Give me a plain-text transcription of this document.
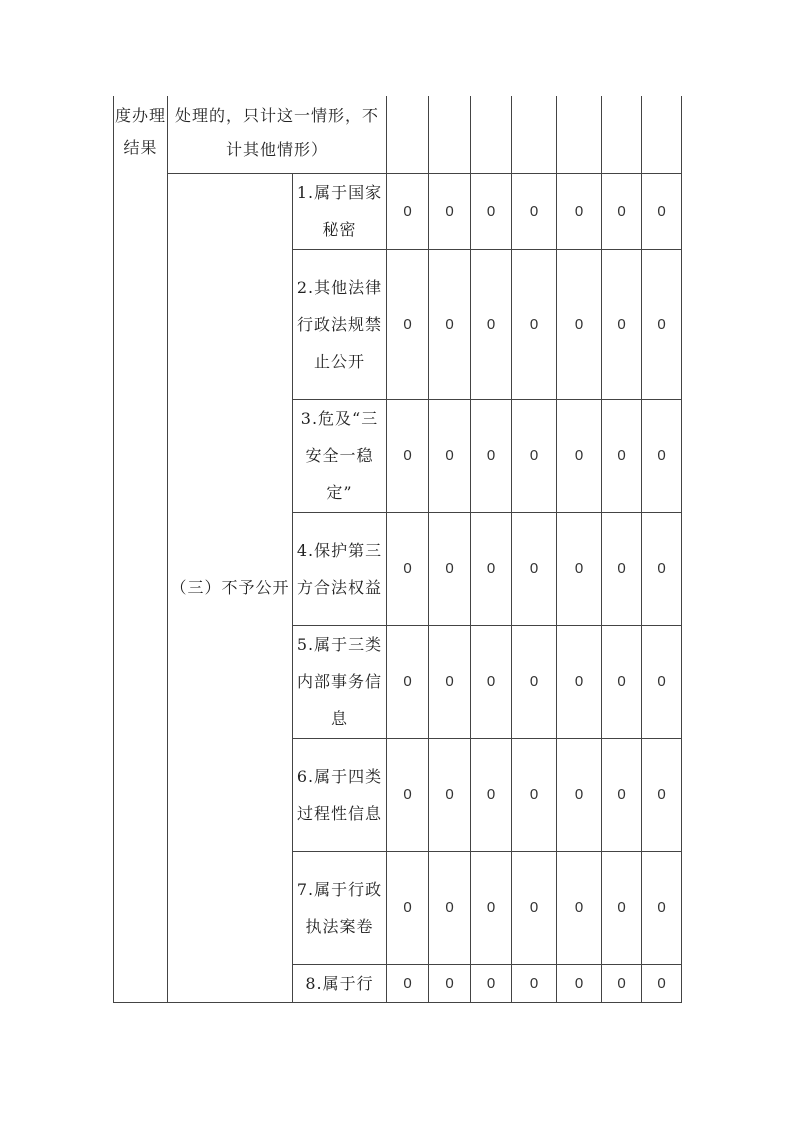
度办理结果	处理的，只计这一情形，不计其他情形）								

	（三）不予公开	1.属于国家秘密	0	0	0	0	0	0	0

		2.其他法律行政法规禁止公开	0	0	0	0	0	0	0

		3.危及“三安全一稳定”	0	0	0	0	0	0	0

		4.保护第三方合法权益	0	0	0	0	0	0	0

		5.属于三类内部事务信息	0	0	0	0	0	0	0

		6.属于四类过程性信息	0	0	0	0	0	0	0

		7.属于行政执法案卷	0	0	0	0	0	0	0

		8.属于行	0	0	0	0	0	0	0
